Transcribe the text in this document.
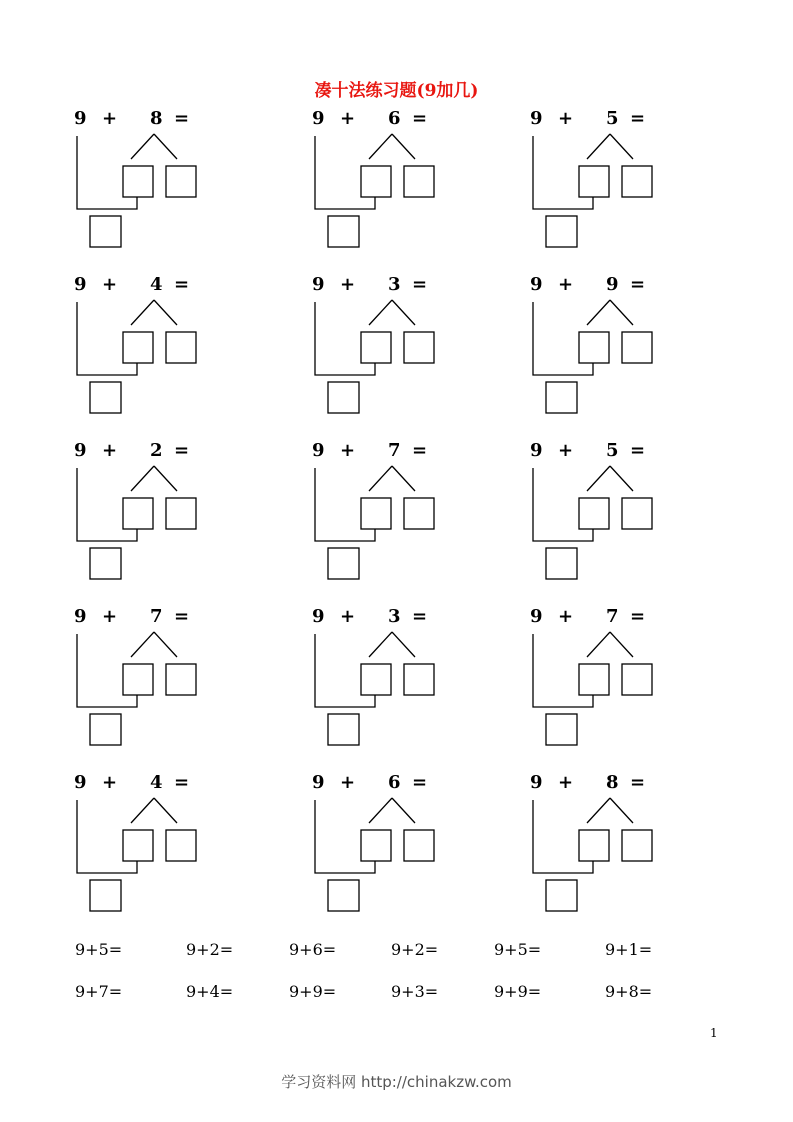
凑十法练习题(9加几)
9 + 8 =	9 + 6 =	9 + 5 =
9 + 4 =	9 + 3 =	9 + 9 =
9 + 2 =	9 + 7 =	9 + 5 =
9 + 7 =	9 + 3 =	9 + 7 =
9 + 4 =	9 + 6 =	9 + 8 =
9+5=	9+2=	9+6=	9+2=	9+5=	9+1=
9+7=	9+4=	9+9=	9+3=	9+9=	9+8=
1
学习资料网 http://chinakzw.com
